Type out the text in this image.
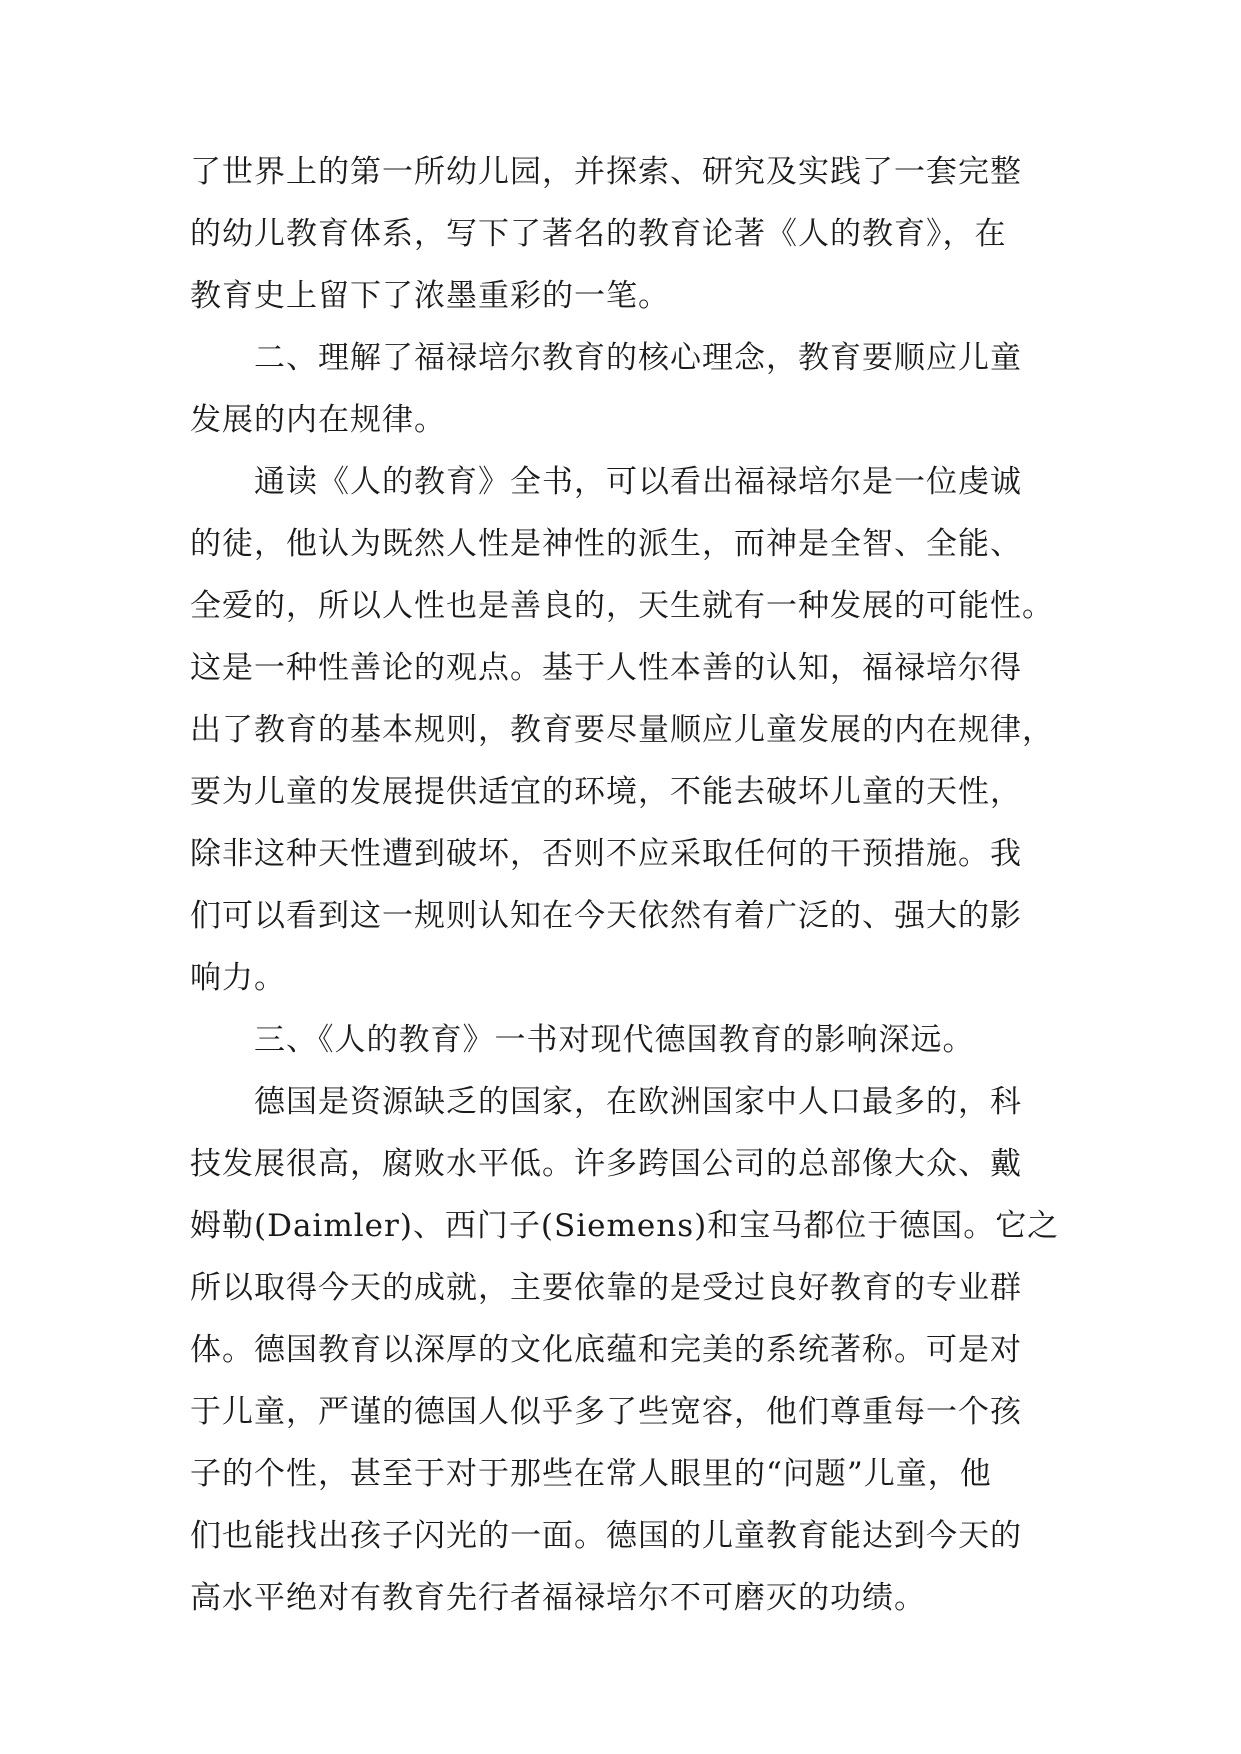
了世界上的第一所幼儿园，并探索、研究及实践了一套完整
的幼儿教育体系，写下了著名的教育论著《人的教育》，在
教育史上留下了浓墨重彩的一笔。
　　二、理解了福禄培尔教育的核心理念，教育要顺应儿童
发展的内在规律。
　　通读《人的教育》全书，可以看出福禄培尔是一位虔诚
的徒，他认为既然人性是神性的派生，而神是全智、全能、
全爱的，所以人性也是善良的，天生就有一种发展的可能性。
这是一种性善论的观点。基于人性本善的认知，福禄培尔得
出了教育的基本规则，教育要尽量顺应儿童发展的内在规律，
要为儿童的发展提供适宜的环境，不能去破坏儿童的天性，
除非这种天性遭到破坏，否则不应采取任何的干预措施。我
们可以看到这一规则认知在今天依然有着广泛的、强大的影
响力。
　　三、《人的教育》一书对现代德国教育的影响深远。
　　德国是资源缺乏的国家，在欧洲国家中人口最多的，科
技发展很高，腐败水平低。许多跨国公司的总部像大众、戴
姆勒(Daimler)、西门子(Siemens)和宝马都位于德国。它之
所以取得今天的成就，主要依靠的是受过良好教育的专业群
体。德国教育以深厚的文化底蕴和完美的系统著称。可是对
于儿童，严谨的德国人似乎多了些宽容，他们尊重每一个孩
子的个性，甚至于对于那些在常人眼里的“问题”儿童，他
们也能找出孩子闪光的一面。德国的儿童教育能达到今天的
高水平绝对有教育先行者福禄培尔不可磨灭的功绩。
